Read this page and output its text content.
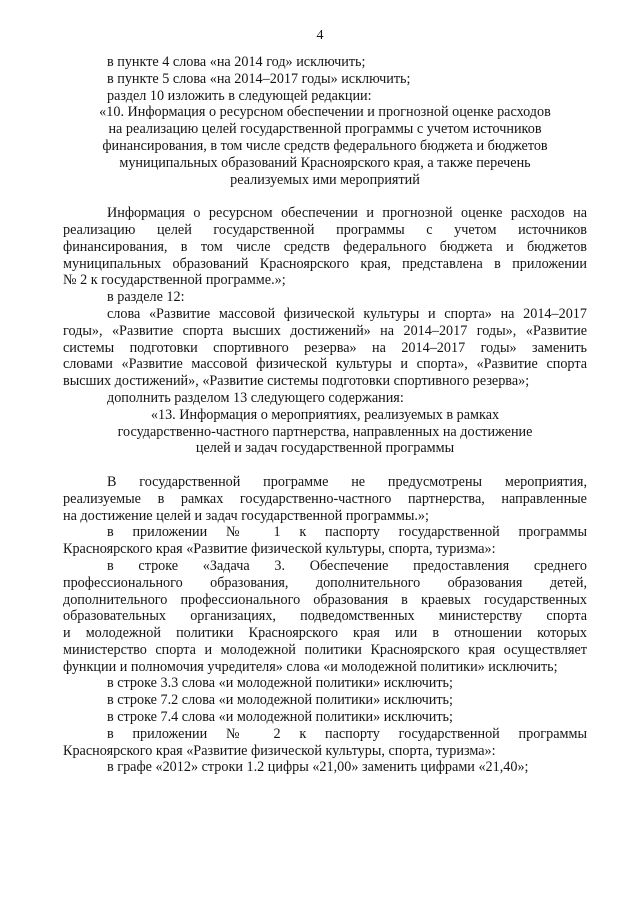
4
в пункте 4 слова «на 2014 год» исключить;
в пункте 5 слова «на 2014–2017 годы» исключить;
раздел 10 изложить в следующей редакции:
«10. Информация о ресурсном обеспечении и прогнозной оценке расходов
на реализацию целей государственной программы с учетом источников
финансирования, в том числе средств федерального бюджета и бюджетов
муниципальных образований Красноярского края, а также перечень
реализуемых ими мероприятий
Информация о ресурсном обеспечении и прогнозной оценке расходов на
реализацию целей государственной программы с учетом источников
финансирования, в том числе средств федерального бюджета и бюджетов
муниципальных образований Красноярского края, представлена в приложении
№ 2 к государственной программе.»;
в разделе 12:
слова «Развитие массовой физической культуры и спорта» на 2014–2017
годы», «Развитие спорта высших достижений» на 2014–2017 годы», «Развитие
системы подготовки спортивного резерва» на 2014–2017 годы» заменить
словами «Развитие массовой физической культуры и спорта», «Развитие спорта
высших достижений», «Развитие системы подготовки спортивного резерва»;
дополнить разделом 13 следующего содержания:
«13. Информация о мероприятиях, реализуемых в рамках
государственно-частного партнерства, направленных на достижение
целей и задач государственной программы
В государственной программе не предусмотрены мероприятия,
реализуемые в рамках государственно-частного партнерства, направленные
на достижение целей и задач государственной программы.»;
в приложении № 1 к паспорту государственной программы
Красноярского края «Развитие физической культуры, спорта, туризма»:
в строке «Задача 3. Обеспечение предоставления среднего
профессионального образования, дополнительного образования детей,
дополнительного профессионального образования в краевых государственных
образовательных организациях, подведомственных министерству спорта
и молодежной политики Красноярского края или в отношении которых
министерство спорта и молодежной политики Красноярского края осуществляет
функции и полномочия учредителя» слова «и молодежной политики» исключить;
в строке 3.3 слова «и молодежной политики» исключить;
в строке 7.2 слова «и молодежной политики» исключить;
в строке 7.4 слова «и молодежной политики» исключить;
в приложении № 2 к паспорту государственной программы
Красноярского края «Развитие физической культуры, спорта, туризма»:
в графе «2012» строки 1.2 цифры «21,00» заменить цифрами «21,40»;
